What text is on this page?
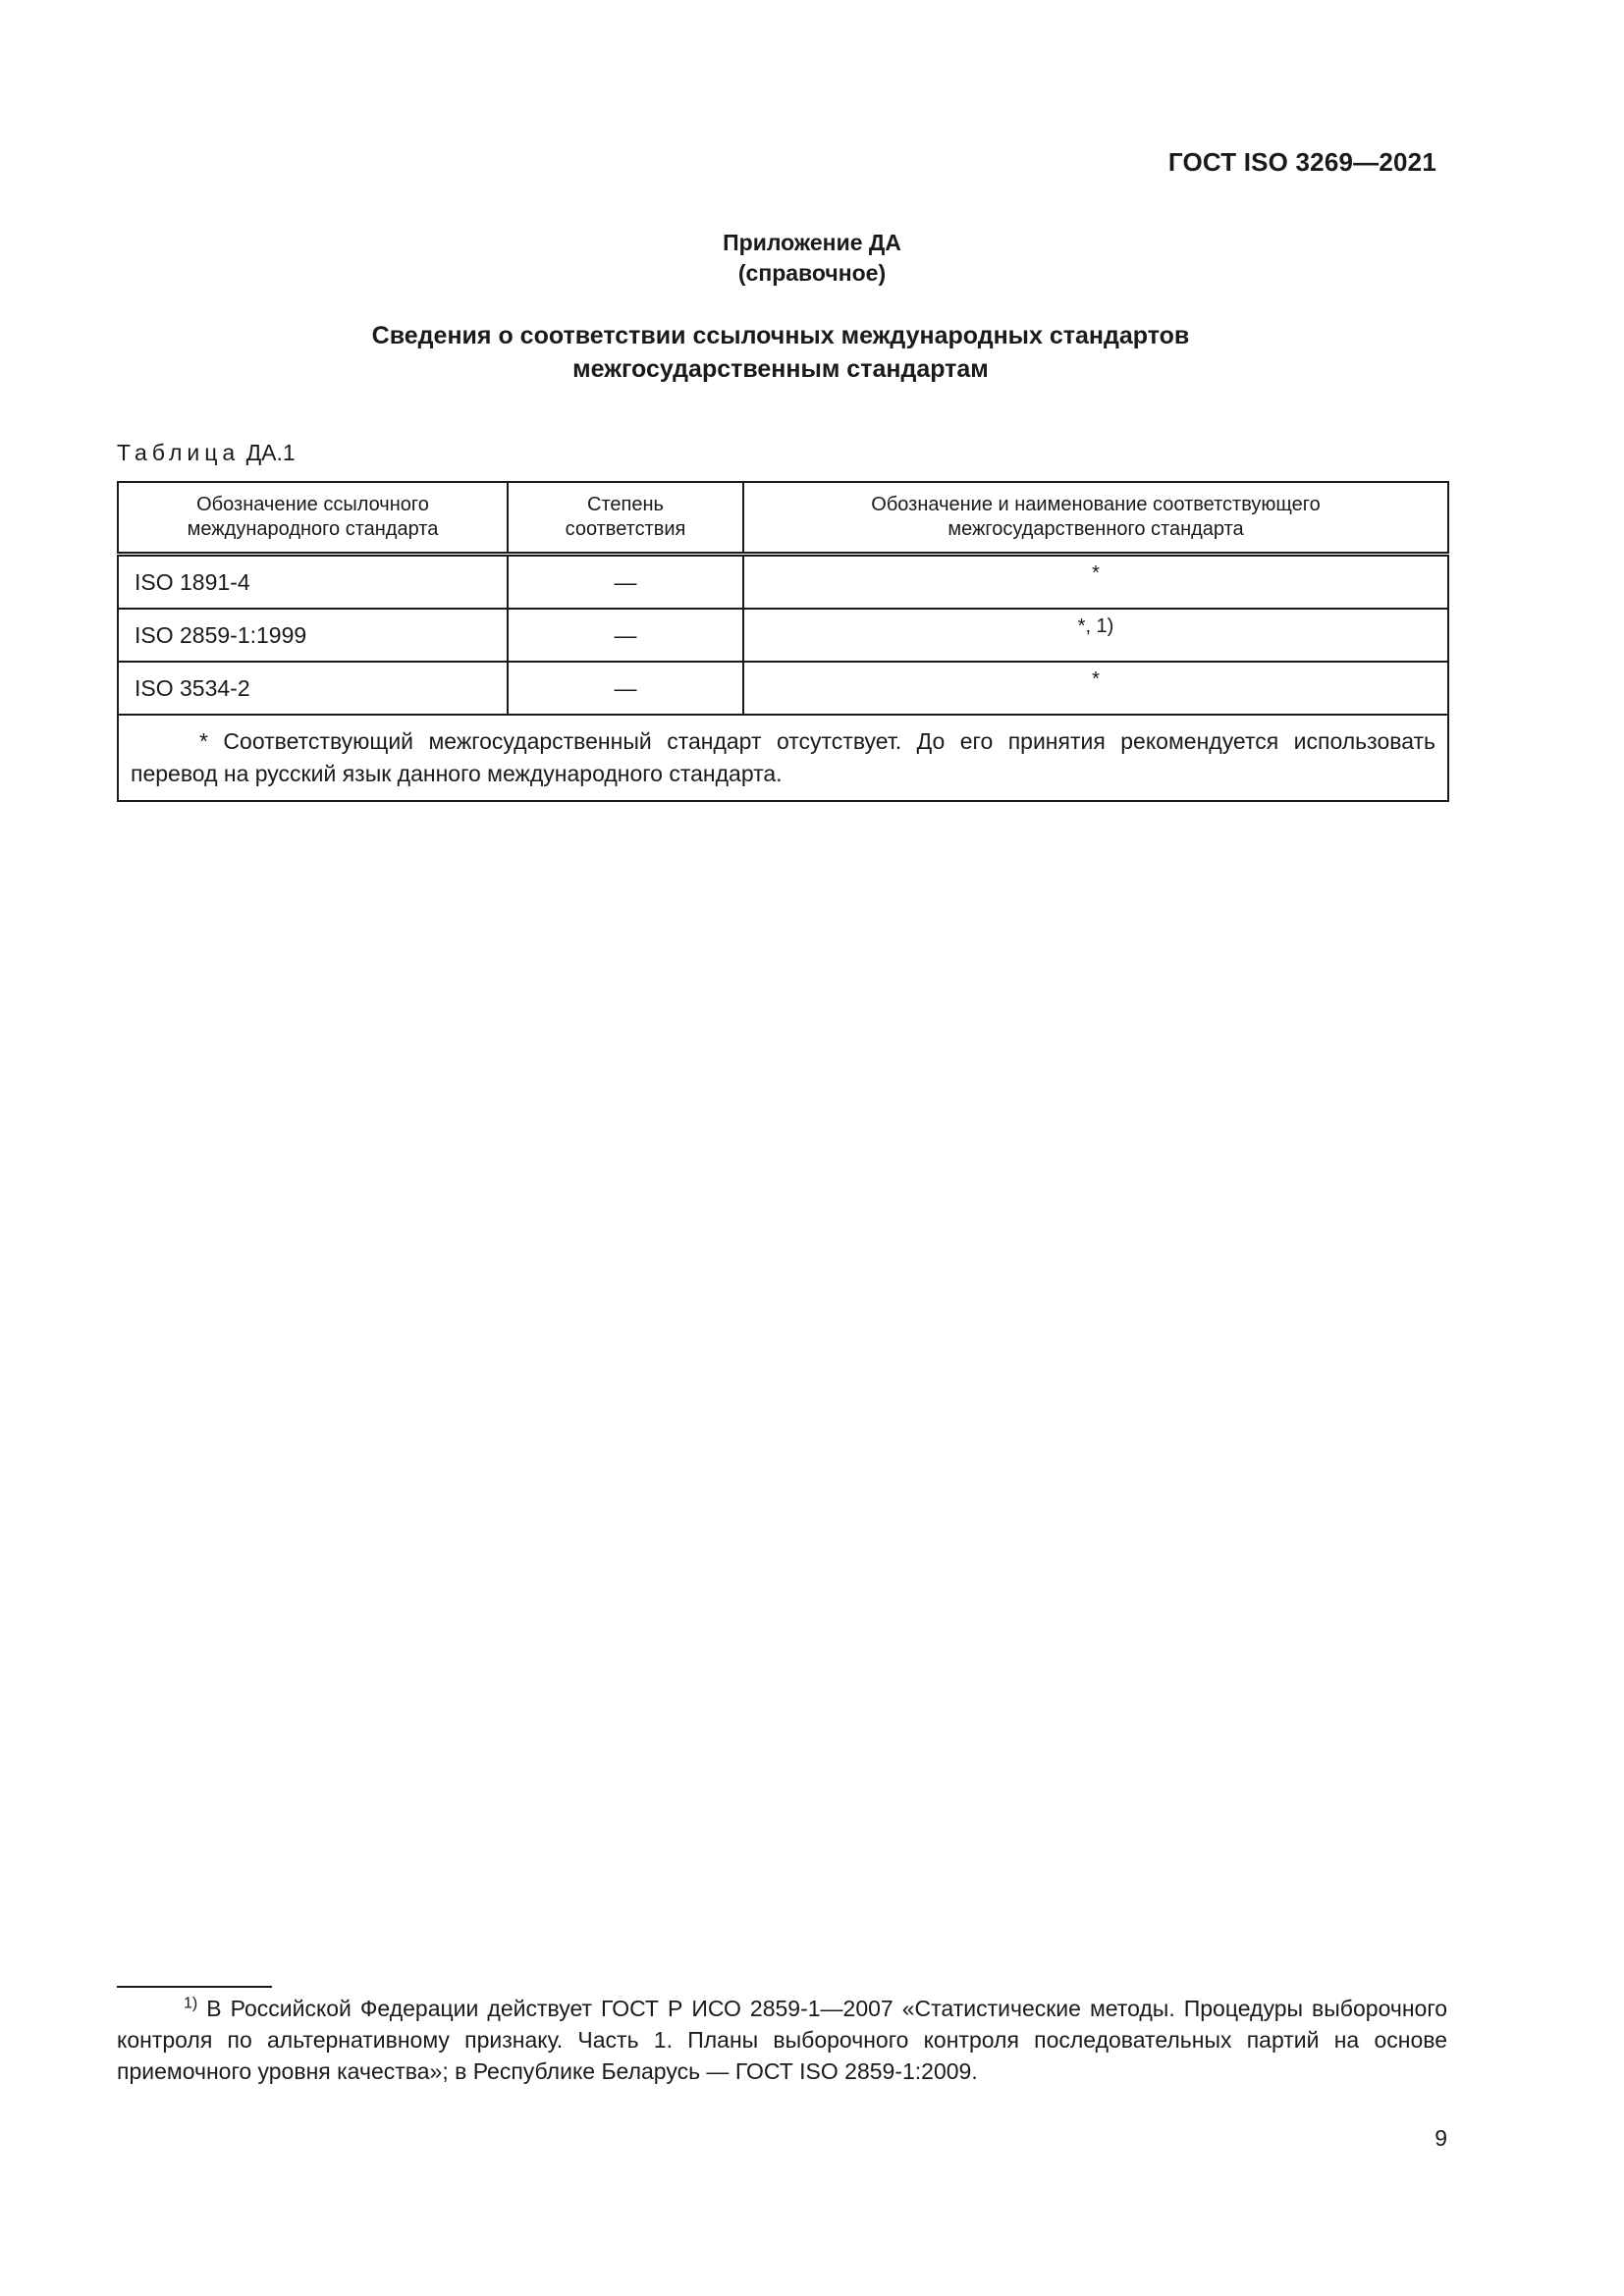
ГОСТ ISO 3269—2021
Приложение ДА
(справочное)
Сведения о соответствии ссылочных международных стандартов
межгосударственным стандартам
Таблица ДА.1
Обозначение ссылочного международного стандарта	Степень соответствия	Обозначение и наименование соответствующего межгосударственного стандарта

ISO 1891-4	—	*
ISO 2859-1:1999	—	*, 1)
ISO 3534-2	—	*
* Соответствующий межгосударственный стандарт отсутствует. До его принятия рекомендуется использовать перевод на русский язык данного международного стандарта.		
$^{1)}$ В Российской Федерации действует ГОСТ Р ИСО 2859-1—2007 «Статистические методы. Процедуры выборочного контроля по альтернативному признаку. Часть 1. Планы выборочного контроля последовательных партий на основе приемочного уровня качества»; в Республике Беларусь — ГОСТ ISO 2859-1:2009.
9
